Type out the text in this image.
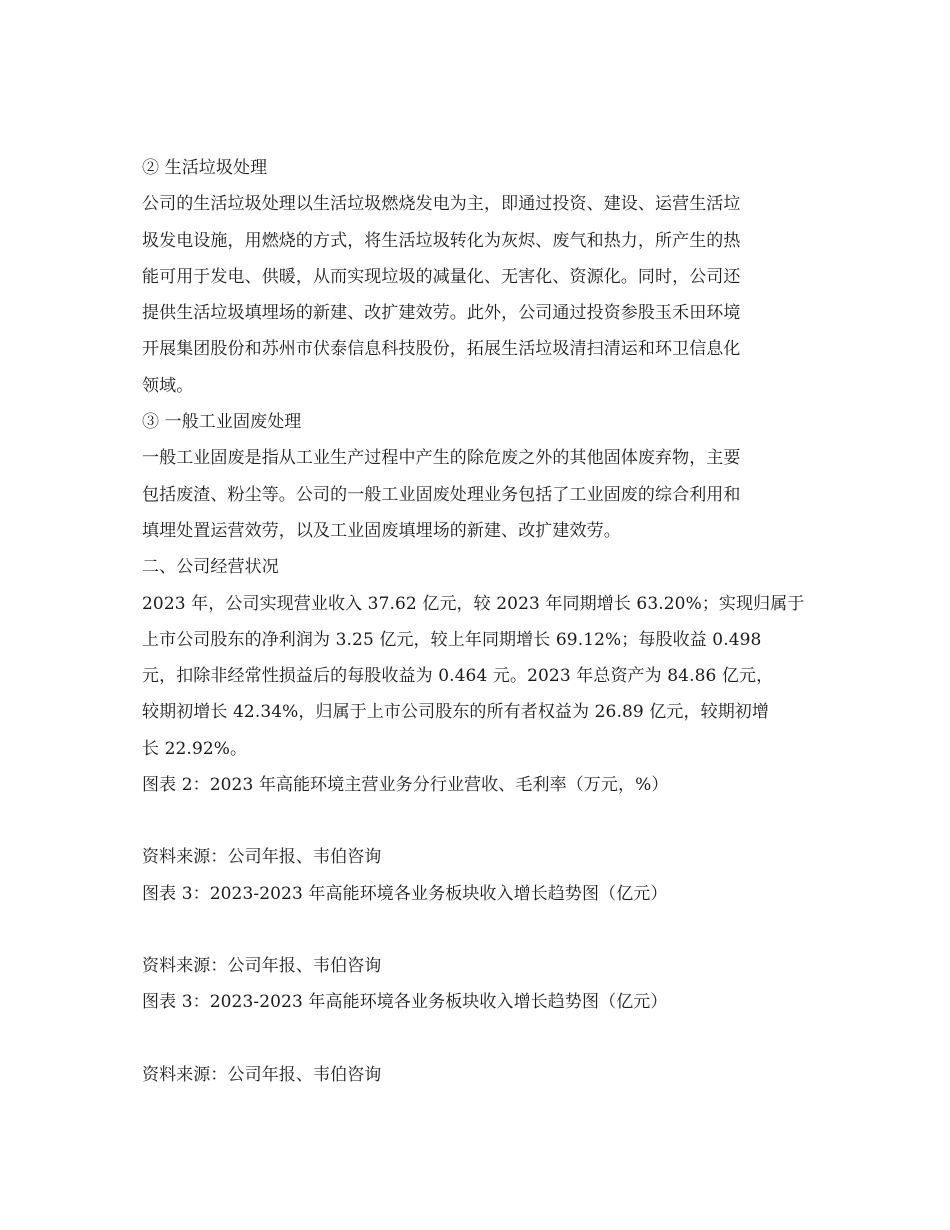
② 生活垃圾处理
公司的生活垃圾处理以生活垃圾燃烧发电为主，即通过投资、建设、运营生活垃
圾发电设施，用燃烧的方式，将生活垃圾转化为灰烬、废气和热力，所产生的热
能可用于发电、供暖，从而实现垃圾的减量化、无害化、资源化。同时，公司还
提供生活垃圾填埋场的新建、改扩建效劳。此外，公司通过投资参股玉禾田环境
开展集团股份和苏州市伏泰信息科技股份，拓展生活垃圾清扫清运和环卫信息化
领域。
③ 一般工业固废处理
一般工业固废是指从工业生产过程中产生的除危废之外的其他固体废弃物，主要
包括废渣、粉尘等。公司的一般工业固废处理业务包括了工业固废的综合利用和
填埋处置运营效劳，以及工业固废填埋场的新建、改扩建效劳。
二、公司经营状况
2023 年，公司实现营业收入 37.62 亿元，较 2023 年同期增长 63.20%；实现归属于
上市公司股东的净利润为 3.25 亿元，较上年同期增长 69.12%；每股收益 0.498
元，扣除非经常性损益后的每股收益为 0.464 元。2023 年总资产为 84.86 亿元，
较期初增长 42.34%，归属于上市公司股东的所有者权益为 26.89 亿元，较期初增
长 22.92%。
图表 2：2023 年高能环境主营业务分行业营收、毛利率（万元，%）
资料来源：公司年报、韦伯咨询
图表 3：2023-2023 年高能环境各业务板块收入增长趋势图（亿元）
资料来源：公司年报、韦伯咨询
图表 3：2023-2023 年高能环境各业务板块收入增长趋势图（亿元）
资料来源：公司年报、韦伯咨询
